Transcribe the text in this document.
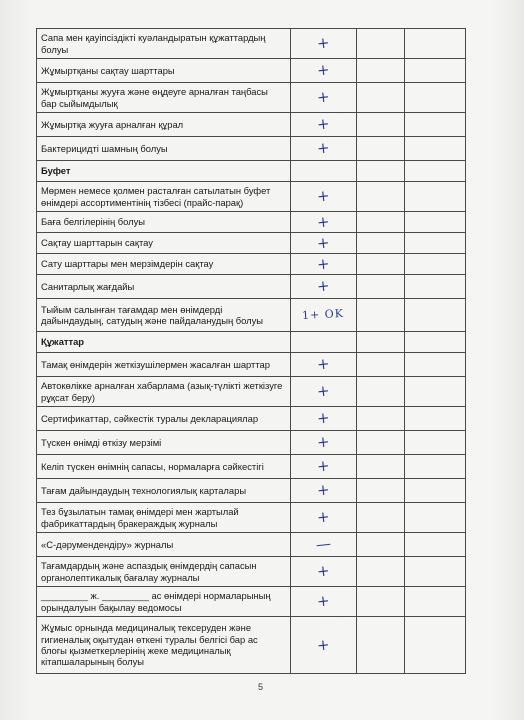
Сапа мен қауіпсіздікті куәландыратын құжаттардың болуы	+		
Жұмыртқаны сақтау шарттары	+		
Жұмыртқаны жууға және өңдеуге арналған таңбасы бар сыйымдылық	+		
Жұмыртқа жууға арналған құрал	+		
Бактерицидті шамның болуы	+		
Буфет			
Мөрмен немесе қолмен расталған сатылатын буфет өнімдері ассортиментінің тізбесі (прайс-парақ)	+		
Баға белгілерінің болуы	+		
Сақтау шарттарын сақтау	+		
Сату шарттары мен мерзімдерін сақтау	+		
Санитарлық жағдайы	+		
Тыйым салынған тағамдар мен өнімдерді дайындаудың, сатудың және пайдаланудың болуы	1+ OK		
Құжаттар			
Тамақ өнімдерін жеткізушілермен жасалған шарттар	+		
Автокөлікке арналған хабарлама (азық-түлікті жеткізуге рұқсат беру)	+		
Сертификаттар, сәйкестік туралы декларациялар	+		
Түскен өнімді өткізу мерзімі	+		
Келіп түскен өнімнің сапасы, нормаларға сәйкестігі	+		
Тағам дайындаудың технологиялық карталары	+		
Тез бұзылатын тамақ өнімдері мен жартылай фабрикаттардың бракераждық журналы	+		
«С-дәрумендендіру» журналы	—		
Тағамдардың және аспаздық өнімдердің сапасын органолептикалық бағалау журналы	+		
_________ ж. _________ ас өнімдері нормаларының орындалуын бақылау ведомосы	+		
Жұмыс орнында медициналық тексеруден және гигиеналық оқытудан өткені туралы белгісі бар ас блогы қызметкерлерінің жеке медициналық кітапшаларының болуы	+		
5
